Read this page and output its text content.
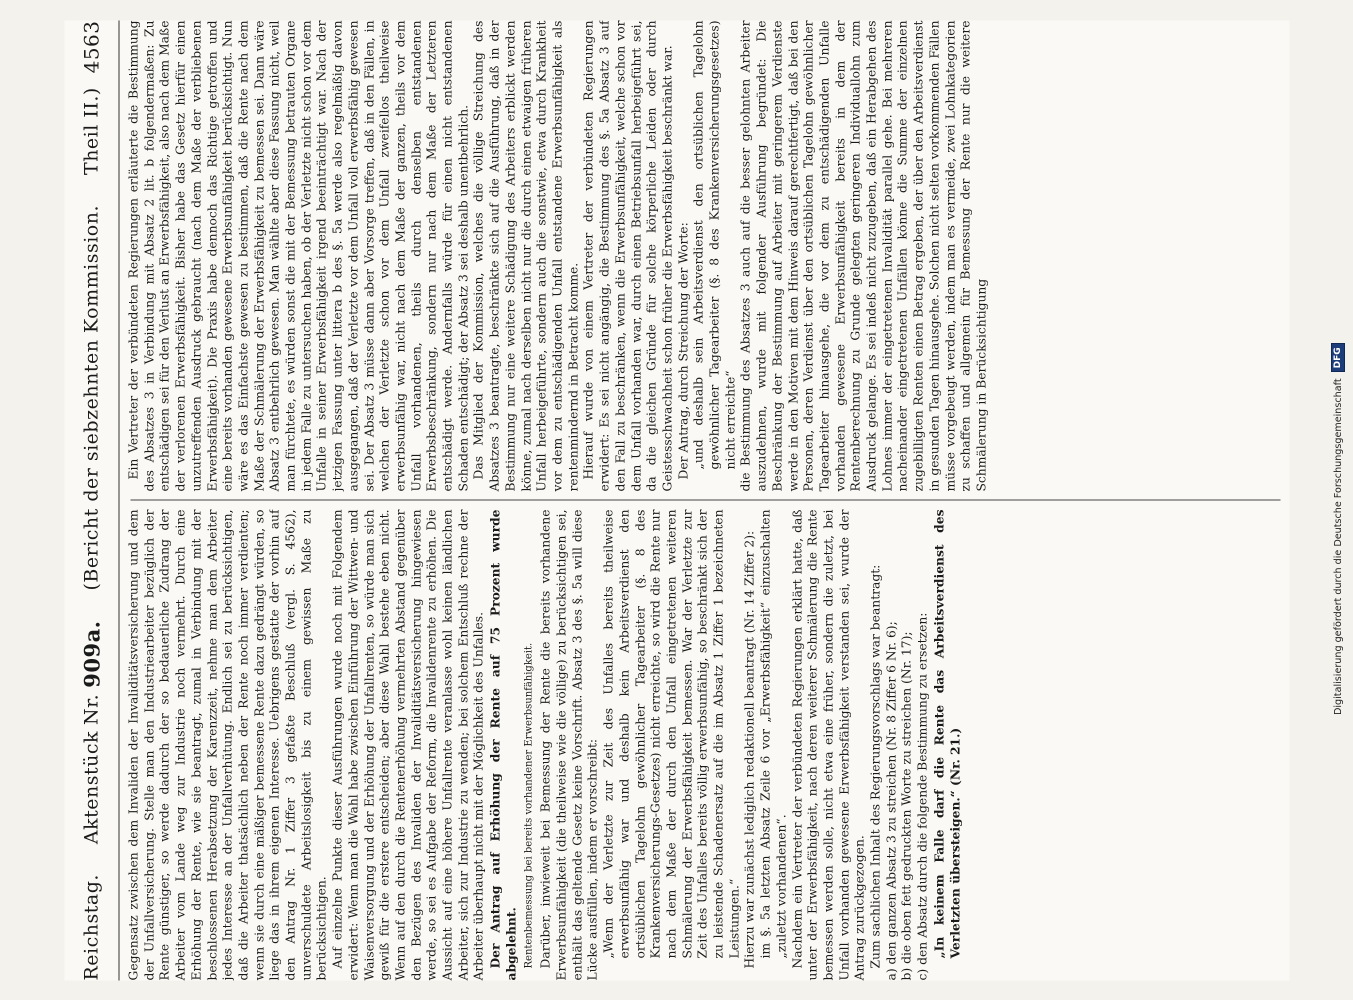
Reichstag.
Aktenstück
Nr.
909a.
(Bericht der siebzehnten Kommission.
Theil II.)
4563

Gegensatz zwischen dem Invaliden der Invaliditätsversicherung und dem der Unfallversicherung. Stelle man den Industriearbeiter bezüglich der Rente günstiger, so werde dadurch der so bedauerliche Zudrang der Arbeiter vom Lande weg zur Industrie noch vermehrt. Durch eine Erhöhung der Rente, wie sie beantragt, zumal in Verbindung mit der beschlossenen Herabsetzung der Karenzzeit, nehme man dem Arbeiter jedes Interesse an der Unfallverhütung. Endlich sei zu berücksichtigen, daß die Arbeiter thatsächlich neben der Rente noch immer verdienten; wenn sie durch eine mäßiger bemessene Rente dazu gedrängt würden, so liege das in ihrem eigenen Interesse. Uebrigens gestatte der vorhin auf den Antrag Nr. 1 Ziffer 3 gefaßte Beschluß (vergl. S. 4562), unverschuldete Arbeitslosigkeit bis zu einem gewissen Maße zu berücksichtigen. Auf einzelne Punkte dieser Ausführungen wurde noch mit Folgendem erwidert: Wenn man die Wahl habe zwischen Einführung der Wittwen- und Waisenversorgung und der Erhöhung der Unfallrenten, so würde man sich gewiß für die erstere entscheiden; aber diese Wahl bestehe eben nicht. Wenn auf den durch die Rentenerhöhung vermehrten Abstand gegenüber den Bezügen des Invaliden der Invaliditätsversicherung hingewiesen werde, so sei es Aufgabe der Reform, die Invalidenrente zu erhöhen. Die Aussicht auf eine höhere Unfallrente veranlasse wohl keinen ländlichen Arbeiter, sich zur Industrie zu wenden; bei solchem Entschluß rechne der Arbeiter überhaupt nicht mit der Möglichkeit des Unfalles. Der Antrag auf Erhöhung der Rente auf 75 Prozent wurde abgelehnt. Rentenbemessung bei bereits vorhandener Erwerbsunfähigkeit. Darüber, inwieweit bei Bemessung der Rente die bereits vorhandene Erwerbsunfähigkeit (die theilweise wie die völlige) zu berücksichtigen sei, enthält das geltende Gesetz keine Vorschrift. Absatz 3 des §. 5a will diese Lücke ausfüllen, indem er vorschreibt: „Wenn der Verletzte zur Zeit des Unfalles bereits theilweise erwerbsunfähig war und deshalb kein Arbeitsverdienst den ortsüblichen Tagelohn gewöhnlicher Tagearbeiter (§. 8 des Krankenversicherungs-Gesetzes) nicht erreichte, so wird die Rente nur nach dem Maße der durch den Unfall eingetretenen weiteren Schmälerung der Erwerbsfähigkeit bemessen. War der Verletzte zur Zeit des Unfalles bereits völlig erwerbsunfähig, so beschränkt sich der zu leistende Schadenersatz auf die im Absatz 1 Ziffer 1 bezeichneten Leistungen.“ Hierzu war zunächst lediglich redaktionell beantragt (Nr. 14 Ziffer 2): im §. 5a letzten Absatz Zeile 6 vor „Erwerbsfähigkeit“ einzuschalten „zuletzt vorhandenen“. Nachdem ein Vertreter der verbündeten Regierungen erklärt hatte, daß unter der Erwerbsfähigkeit, nach deren weiterer Schmälerung die Rente bemessen werden solle, nicht etwa eine früher, sondern die zuletzt, bei Unfall vorhanden gewesene Erwerbsfähigkeit verstanden sei, wurde der Antrag zurückgezogen. Zum sachlichen Inhalt des Regierungsvorschlags war beantragt: a) den ganzen Absatz 3 zu streichen (Nr. 8 Ziffer 6 Nr. 6); b) die oben fett gedruckten Worte zu streichen (Nr. 17); c) den Absatz durch die folgende Bestimmung zu ersetzen: „In keinem Falle darf die Rente das Arbeitsverdienst des Verletzten übersteigen.“ (Nr. 21.)

Ein Vertreter der verbündeten Regierungen erläuterte die Bestimmung des Absatzes 3 in Verbindung mit Absatz 2 lit. b folgendermaßen: Zu entschädigen sei für den Verlust an Erwerbsfähigkeit, also nach dem Maße der verlorenen Erwerbsfähigkeit. Bisher habe das Gesetz hierfür einen unzutreffenden Ausdruck gebraucht (nach dem Maße der verbliebenen Erwerbsfähigkeit). Die Praxis habe dennoch das Richtige getroffen und eine bereits vorhanden gewesene Erwerbsunfähigkeit berücksichtigt. Nun wäre es das Einfachste gewesen zu bestimmen, daß die Rente nach dem Maße der Schmälerung der Erwerbsfähigkeit zu bemessen sei. Dann wäre Absatz 3 entbehrlich gewesen. Man wählte aber diese Fassung nicht, weil man fürchtete, es würden sonst die mit der Bemessung betrauten Organe in jedem Falle zu untersuchen haben, ob der Verletzte nicht schon vor dem Unfalle in seiner Erwerbsfähigkeit irgend beeinträchtigt war. Nach der jetzigen Fassung unter littera b des §. 5a werde also regelmäßig davon ausgegangen, daß der Verletzte vor dem Unfall voll erwerbsfähig gewesen sei. Der Absatz 3 müsse dann aber Vorsorge treffen, daß in den Fällen, in welchen der Verletzte schon vor dem Unfall zweifellos theilweise erwerbsunfähig war, nicht nach dem Maße der ganzen, theils vor dem Unfall vorhandenen, theils durch denselben entstandenen Erwerbsbeschränkung, sondern nur nach dem Maße der Letzteren entschädigt werde. Andernfalls würde für einen nicht entstandenen Schaden entschädigt; der Absatz 3 sei deshalb unentbehrlich. Das Mitglied der Kommission, welches die völlige Streichung des Absatzes 3 beantragte, beschränkte sich auf die Ausführung, daß in der Bestimmung nur eine weitere Schädigung des Arbeiters erblickt werden könne, zumal nach derselben nicht nur die durch einen etwaigen früheren Unfall herbeigeführte, sondern auch die sonstwie, etwa durch Krankheit vor dem zu entschädigenden Unfall entstandene Erwerbsunfähigkeit als rentenmindernd in Betracht komme. Hierauf wurde von einem Vertreter der verbündeten Regierungen erwidert: Es sei nicht angängig, die Bestimmung des §. 5a Absatz 3 auf den Fall zu beschränken, wenn die Erwerbsunfähigkeit, welche schon vor dem Unfall vorhanden war, durch einen Betriebsunfall herbeigeführt sei, da die gleichen Gründe für solche körperliche Leiden oder durch Geistesschwachheit schon früher die Erwerbsfähigkeit beschränkt war. Der Antrag, durch Streichung der Worte: „und deshalb sein Arbeitsverdienst den ortsüblichen Tagelohn gewöhnlicher Tagearbeiter (§. 8 des Krankenversicherungsgesetzes) nicht erreichte“ die Bestimmung des Absatzes 3 auch auf die besser gelohnten Arbeiter auszudehnen, wurde mit folgender Ausführung begründet: Die Beschränkung der Bestimmung auf Arbeiter mit geringerem Verdienste werde in den Motiven mit dem Hinweis darauf gerechtfertigt, daß bei den Personen, deren Verdienst über den ortsüblichen Tagelohn gewöhnlicher Tagearbeiter hinausgehe, die vor dem zu entschädigenden Unfalle vorhanden gewesene Erwerbsunfähigkeit bereits in dem der Rentenberechnung zu Grunde gelegten geringeren Individuallohn zum Ausdruck gelange. Es sei indeß nicht zuzugeben, daß ein Herabgehen des Lohnes immer der eingetretenen Invalidität parallel gehe. Bei mehreren nacheinander eingetretenen Unfällen könne die Summe der einzelnen zugebilligten Renten einen Betrag ergeben, der über den Arbeitsverdienst in gesunden Tagen hinausgehe. Solchen nicht selten vorkommenden Fällen müsse vorgebeugt werden, indem man es vermeide, zwei Lohnkategorien zu schaffen und allgemein für Bemessung der Rente nur die weitere Schmälerung in Berücksichtigung	Digitalisierung gefördert durch die Deutsche Forschungsgemeinschaft
DFG
